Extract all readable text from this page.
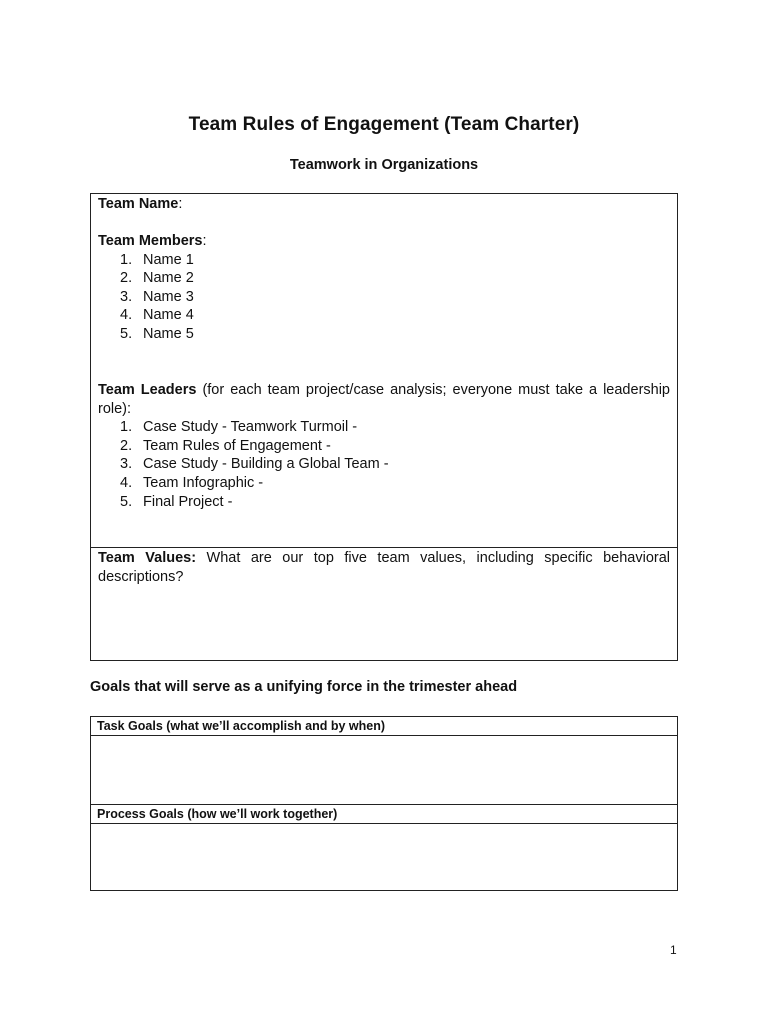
Team Rules of Engagement (Team Charter)
Teamwork in Organizations
Team Name:
Team Members:
1. Name 1
2. Name 2
3. Name 3
4. Name 4
5. Name 5
Team Leaders (for each team project/case analysis; everyone must take a leadership role):
1. Case Study - Teamwork Turmoil -
2. Team Rules of Engagement -
3. Case Study - Building a Global Team -
4. Team Infographic -
5. Final Project -
Team Values: What are our top five team values, including specific behavioral descriptions?
Goals that will serve as a unifying force in the trimester ahead
Task Goals (what we’ll accomplish and by when)
Process Goals (how we’ll work together)
1
